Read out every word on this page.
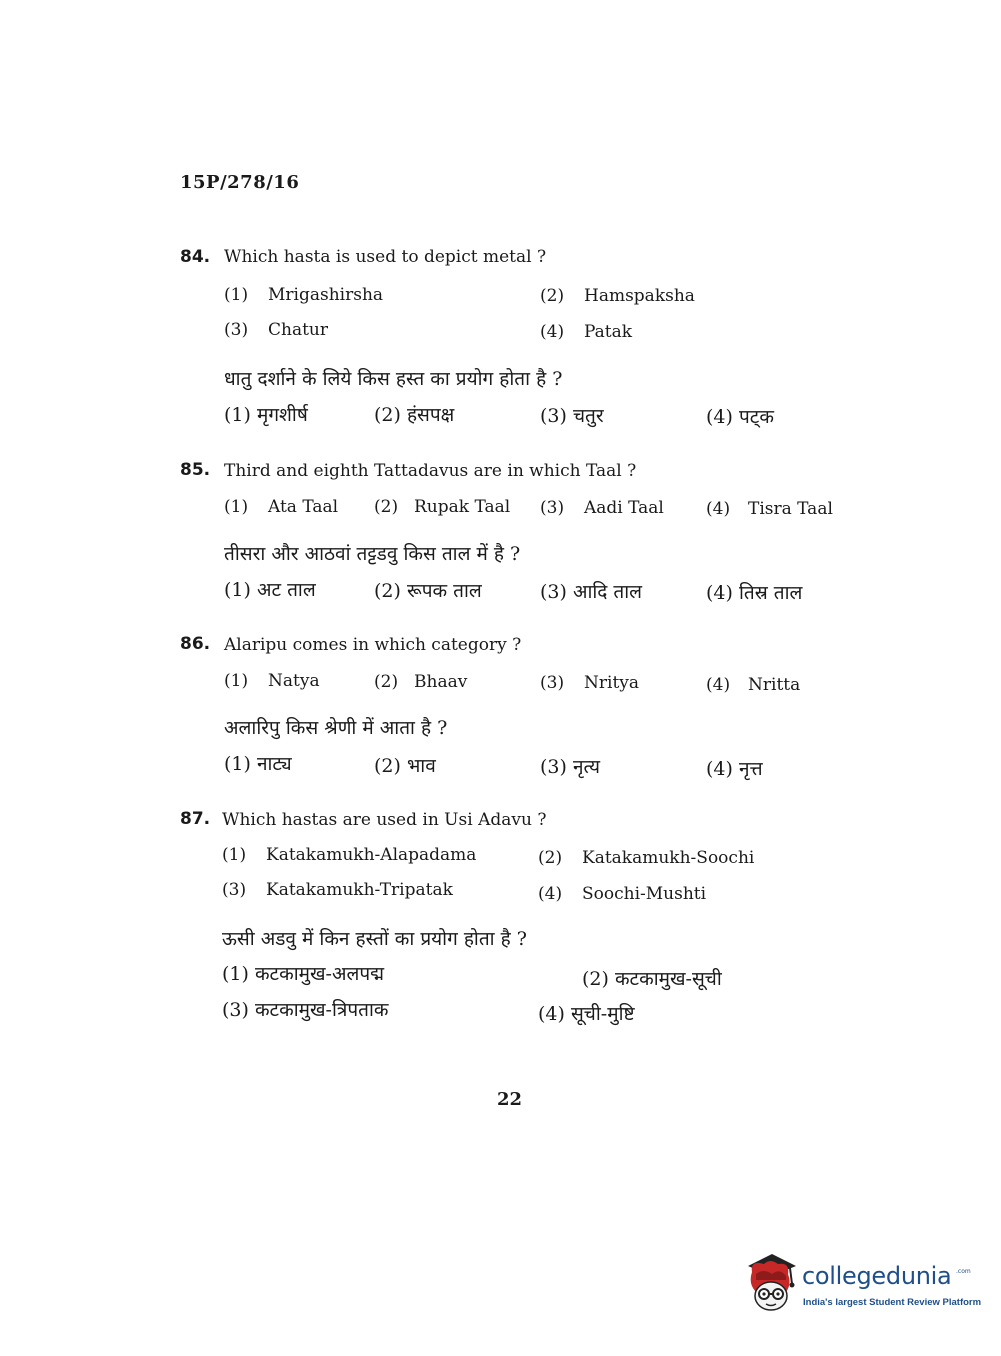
15P/278/16
84. Which hasta is used to depict metal ?
(1) Mrigashirsha	(2) Hamspaksha
(3) Chatur	(4) Patak
धातु दर्शाने के लिये किस हस्त का प्रयोग होता है ?
(1) मृगशीर्ष	(2) हंसपक्ष	(3) चतुर	(4) पट्क
85. Third and eighth Tattadavus are in which Taal ?
(1) Ata Taal (2) Rupak Taal (3) Aadi Taal (4) Tisra Taal
तीसरा और आठवां तट्टडवु किस ताल में है ?
(1) अट ताल	(2) रूपक ताल	(3) आदि ताल	(4) तिस्र ताल
86. Alaripu comes in which category ?
(1) Natya	(2) Bhaav	(3) Nritya	(4) Nritta
अलारिपु किस श्रेणी में आता है ?
(1) नाट्य	(2) भाव	(3) नृत्य	(4) नृत्त
87. Which hastas are used in Usi Adavu ?
(1) Katakamukh-Alapadama	(2) Katakamukh-Soochi
(3) Katakamukh-Tripatak	(4) Soochi-Mushti
ऊसी अडवु में किन हस्तों का प्रयोग होता है ?
(1) कटकामुख-अलपद्म	(2) कटकामुख-सूची
(3) कटकामुख-त्रिपताक	(4) सूची-मुष्टि
22
collegedunia .com
India's largest Student Review Platform
